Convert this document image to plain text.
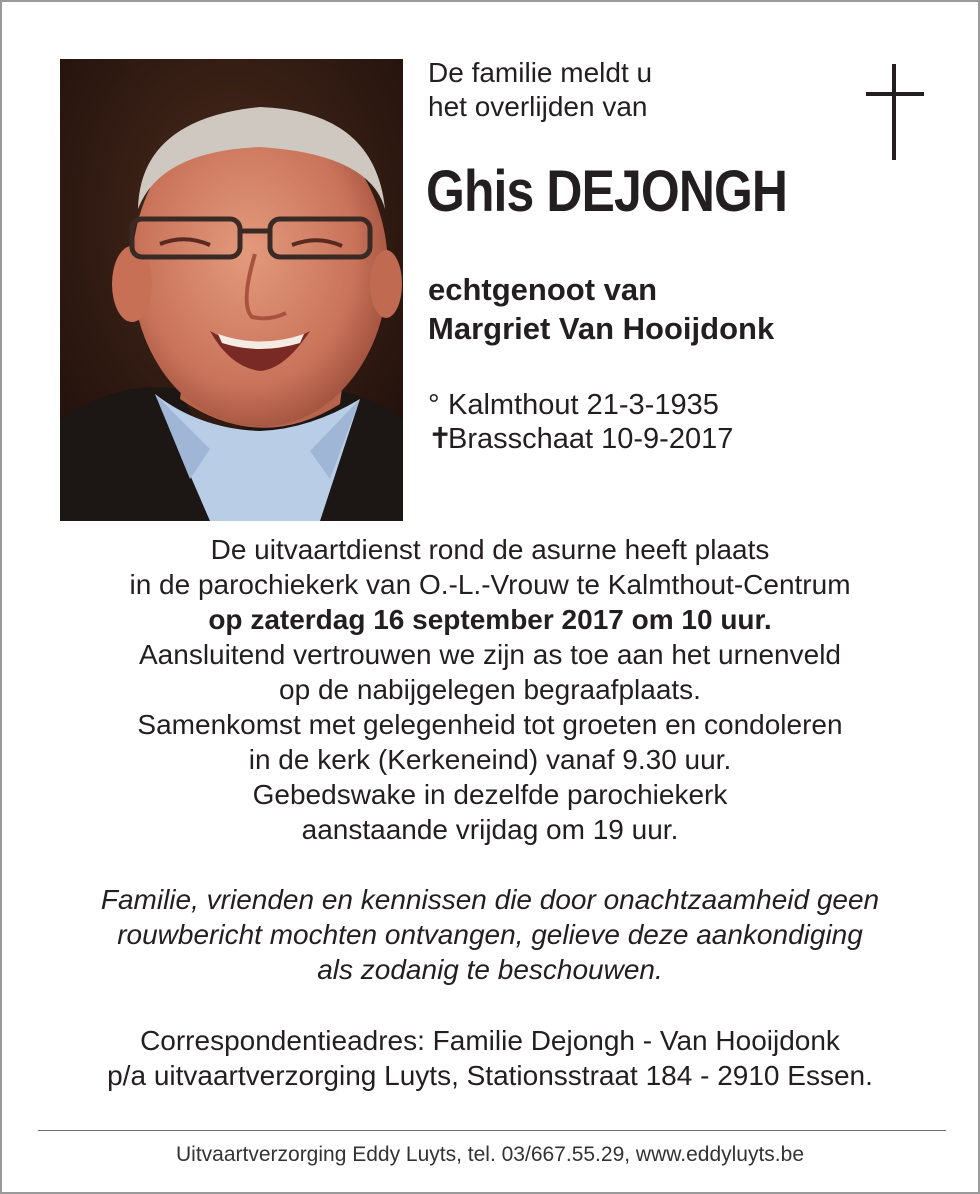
De familie meldt u
het overlijden van
Ghis DEJONGH
echtgenoot van
Margriet Van Hooijdonk
° Kalmthout 21-3-1935
✝Brasschaat 10-9-2017
De uitvaartdienst rond de asurne heeft plaats
in de parochiekerk van O.-L.-Vrouw te Kalmthout-Centrum
op zaterdag 16 september 2017 om 10 uur.
Aansluitend vertrouwen we zijn as toe aan het urnenveld
op de nabijgelegen begraafplaats.
Samenkomst met gelegenheid tot groeten en condoleren
in de kerk (Kerkeneind) vanaf 9.30 uur.
Gebedswake in dezelfde parochiekerk
aanstaande vrijdag om 19 uur.
Familie, vrienden en kennissen die door onachtzaamheid geen
rouwbericht mochten ontvangen, gelieve deze aankondiging
als zodanig te beschouwen.
Correspondentieadres: Familie Dejongh - Van Hooijdonk
p/a uitvaartverzorging Luyts, Stationsstraat 184 - 2910 Essen.
Uitvaartverzorging Eddy Luyts, tel. 03/667.55.29, www.eddyluyts.be
